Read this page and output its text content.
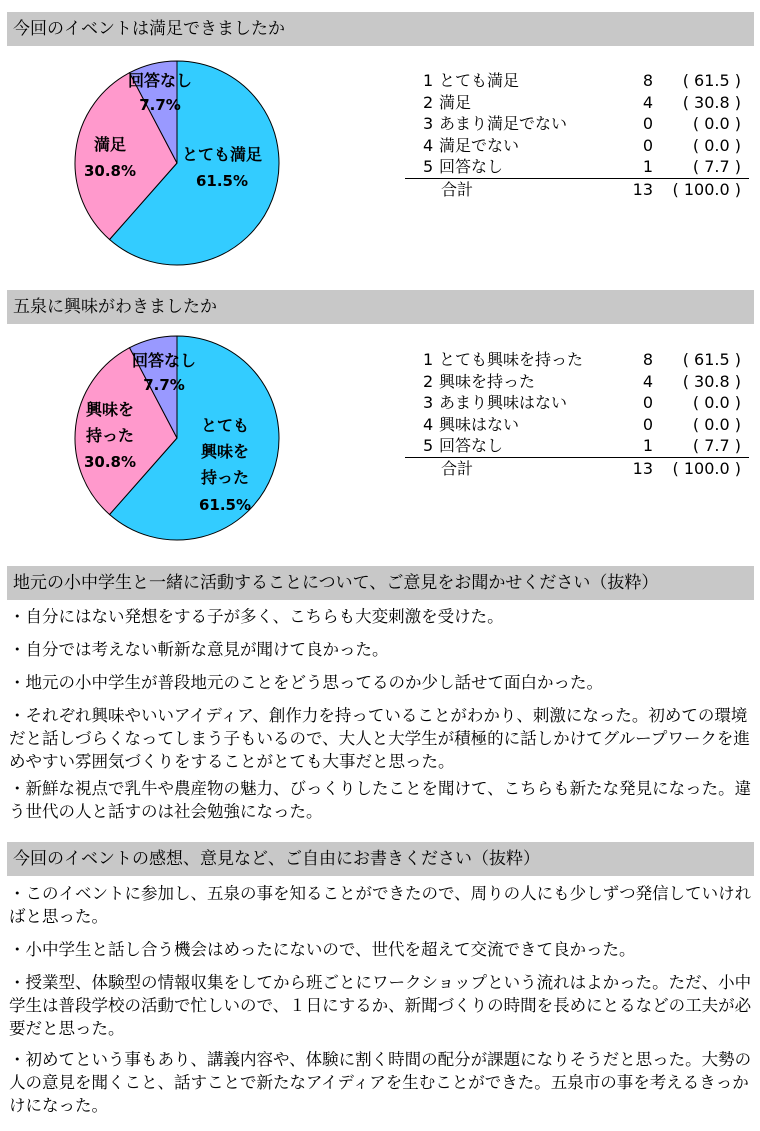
今回のイベントは満足できましたか
とても満足
61.5%
満足
30.8%
回答なし
7.7%
1 とても満足	8 ( 61.5 )
2 満足	4 ( 30.8 )
3 あまり満足でない	0 ( 0.0 )
4 満足でない	0 ( 0.0 )
5 回答なし	1 ( 7.7 )
合計	13 ( 100.0 )
五泉に興味がわきましたか
とても興味を持った
61.5%
興味を持った
30.8%
回答なし
7.7%
1 とても興味を持った	8 ( 61.5 )
2 興味を持った	4 ( 30.8 )
3 あまり興味はない	0 ( 0.0 )
4 興味はない	0 ( 0.0 )
5 回答なし	1 ( 7.7 )
合計	13 ( 100.0 )
地元の小中学生と一緒に活動することについて、ご意見をお聞かせください（抜粋）

・自分にはない発想をする子が多く、こちらも大変刺激を受けた。

・自分では考えない斬新な意見が聞けて良かった。

・地元の小中学生が普段地元のことをどう思ってるのか少し話せて面白かった。

・それぞれ興味やいいアイディア、創作力を持っていることがわかり、刺激になった。初めての環境だと話しづらくなってしまう子もいるので、大人と大学生が積極的に話しかけてグループワークを進めやすい雰囲気づくりをすることがとても大事だと思った。

・新鮮な視点で乳牛や農産物の魅力、びっくりしたことを聞けて、こちらも新たな発見になった。違う世代の人と話すのは社会勉強になった。

今回のイベントの感想、意見など、ご自由にお書きください（抜粋）

・このイベントに参加し、五泉の事を知ることができたので、周りの人にも少しずつ発信していければと思った。

・小中学生と話し合う機会はめったにないので、世代を超えて交流できて良かった。

・授業型、体験型の情報収集をしてから班ごとにワークショップという流れはよかった。ただ、小中学生は普段学校の活動で忙しいので、１日にするか、新聞づくりの時間を長めにとるなどの工夫が必要だと思った。

・初めてという事もあり、講義内容や、体験に割く時間の配分が課題になりそうだと思った。大勢の人の意見を聞くこと、話すことで新たなアイディアを生むことができた。五泉市の事を考えるきっかけになった。
